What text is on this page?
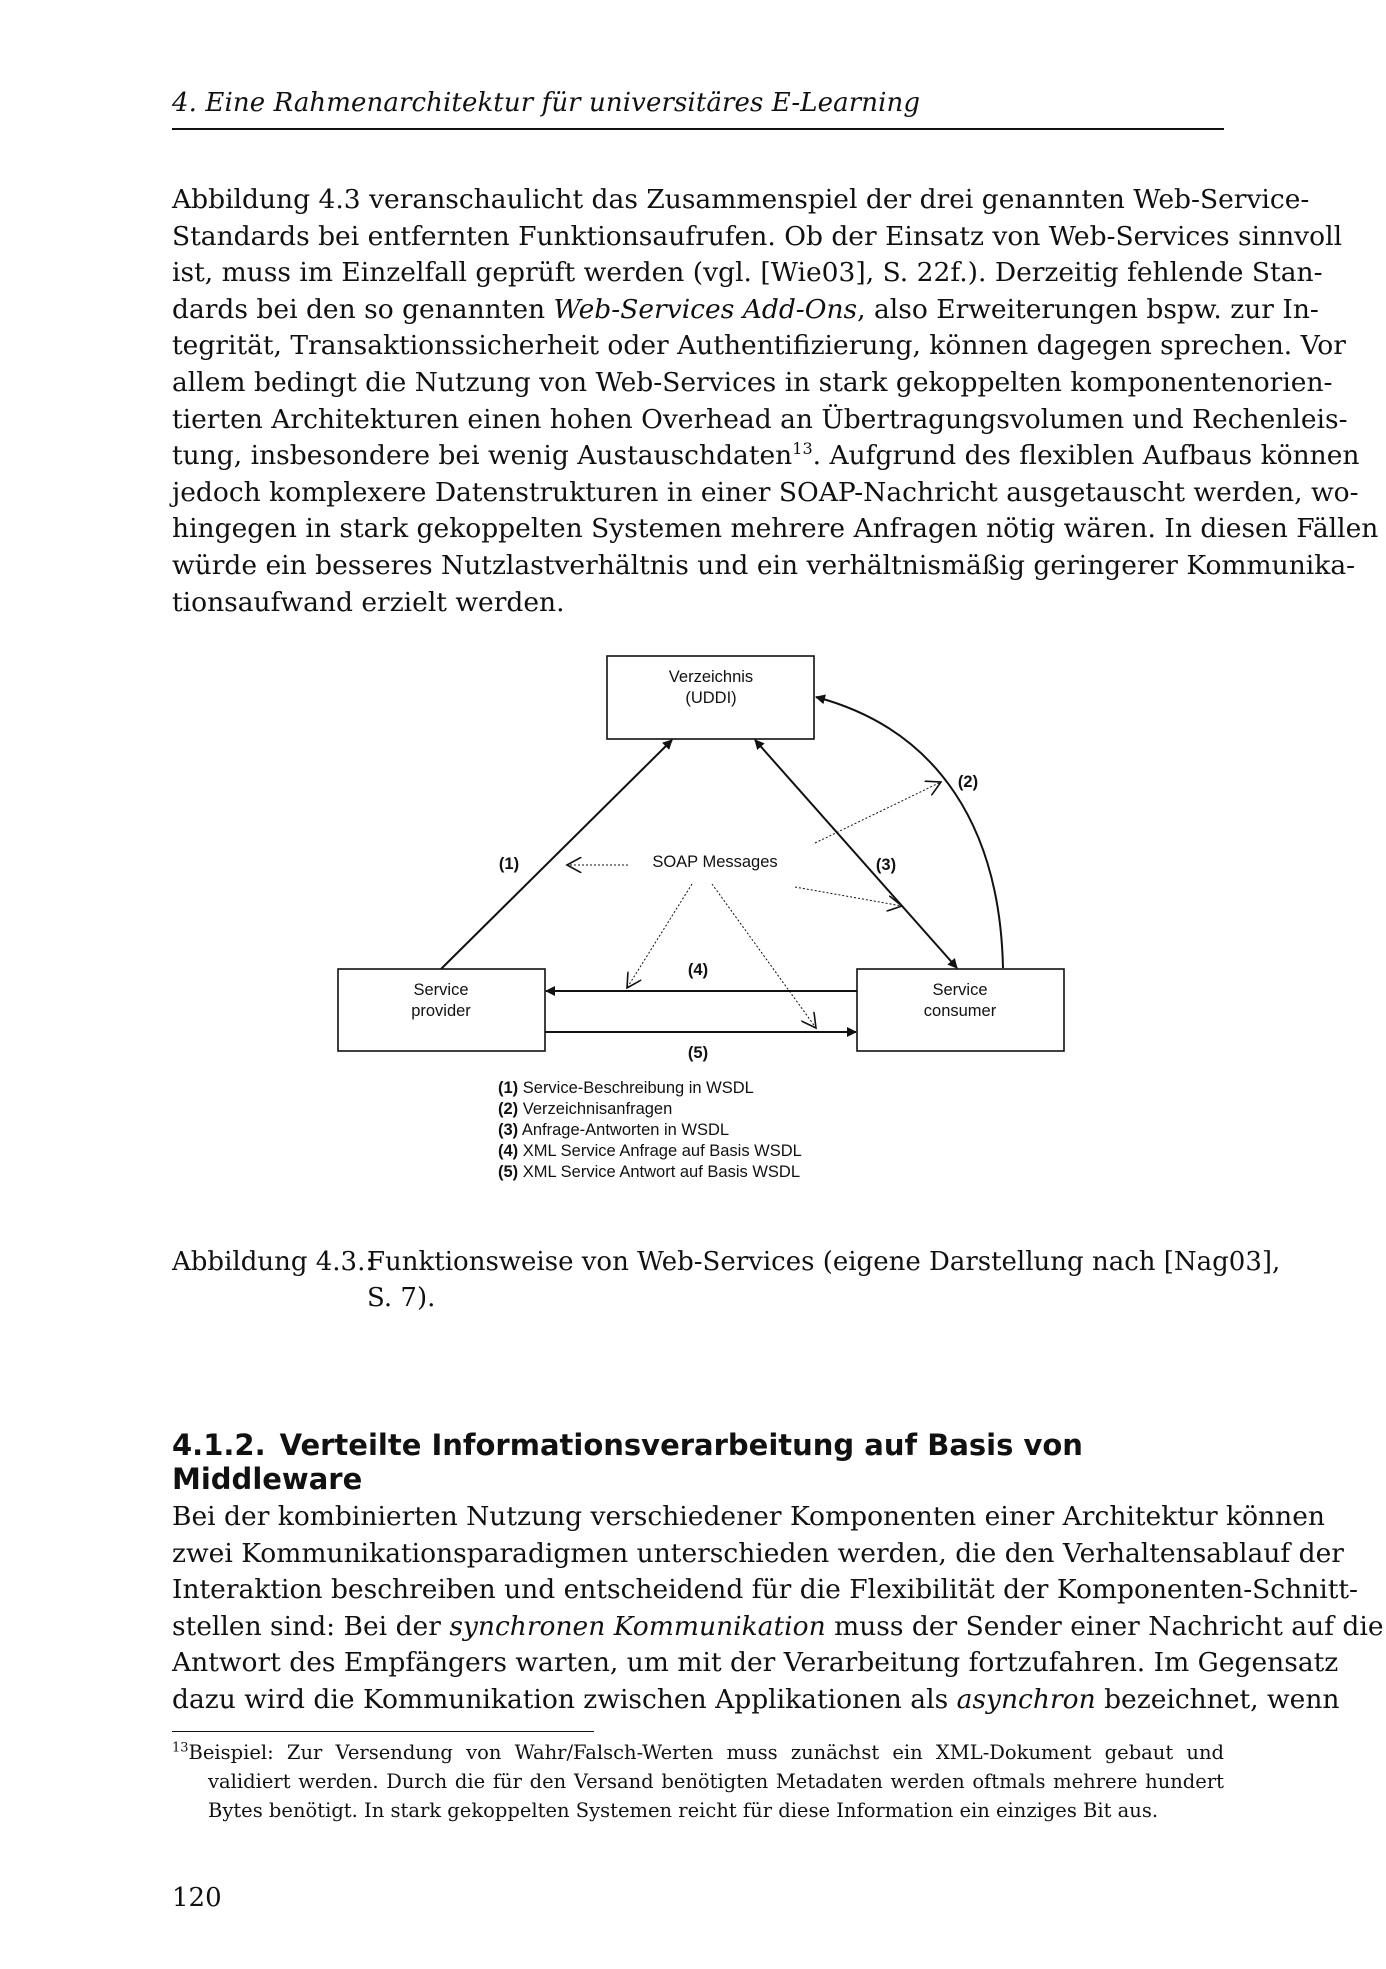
4. Eine Rahmenarchitektur für universitäres E-Learning
Abbildung 4.3 veranschaulicht das Zusammenspiel der drei genannten Web-Service-
Standards bei entfernten Funktionsaufrufen. Ob der Einsatz von Web-Services sinnvoll
ist, muss im Einzelfall geprüft werden (vgl. [Wie03], S. 22f.). Derzeitig fehlende Stan-
dards bei den so genannten Web-Services Add-Ons, also Erweiterungen bspw. zur In-
tegrität, Transaktionssicherheit oder Authentifizierung, können dagegen sprechen. Vor
allem bedingt die Nutzung von Web-Services in stark gekoppelten komponentenorien-
tierten Architekturen einen hohen Overhead an Übertragungsvolumen und Rechenleis-
tung, insbesondere bei wenig Austauschdaten$^{13}$. Aufgrund des flexiblen Aufbaus können
jedoch komplexere Datenstrukturen in einer SOAP-Nachricht ausgetauscht werden, wo-
hingegen in stark gekoppelten Systemen mehrere Anfragen nötig wären. In diesen Fällen
würde ein besseres Nutzlastverhältnis und ein verhältnismäßig geringerer Kommunika-
tionsaufwand erzielt werden.
Verzeichnis
(UDDI)
Service
provider
Service
consumer
SOAP Messages
(1)
(2)
(3)
(4)
(5)
(1) Service-Beschreibung in WSDL
(2) Verzeichnisanfragen
(3) Anfrage-Antworten in WSDL
(4) XML Service Anfrage auf Basis WSDL
(5) XML Service Antwort auf Basis WSDL
Abbildung 4.3.:
Funktionsweise von Web-Services (eigene Darstellung nach [Nag03],
S. 7).
4.1.2. Verteilte Informationsverarbeitung auf Basis von Middleware
Bei der kombinierten Nutzung verschiedener Komponenten einer Architektur können
zwei Kommunikationsparadigmen unterschieden werden, die den Verhaltensablauf der
Interaktion beschreiben und entscheidend für die Flexibilität der Komponenten-Schnitt-
stellen sind: Bei der synchronen Kommunikation muss der Sender einer Nachricht auf die
Antwort des Empfängers warten, um mit der Verarbeitung fortzufahren. Im Gegensatz
dazu wird die Kommunikation zwischen Applikationen als asynchron bezeichnet, wenn
$^{13}$Beispiel: Zur Versendung von Wahr/Falsch-Werten muss zunächst ein XML-Dokument gebaut und
validiert werden. Durch die für den Versand benötigten Metadaten werden oftmals mehrere hundert
Bytes benötigt. In stark gekoppelten Systemen reicht für diese Information ein einziges Bit aus.
120
